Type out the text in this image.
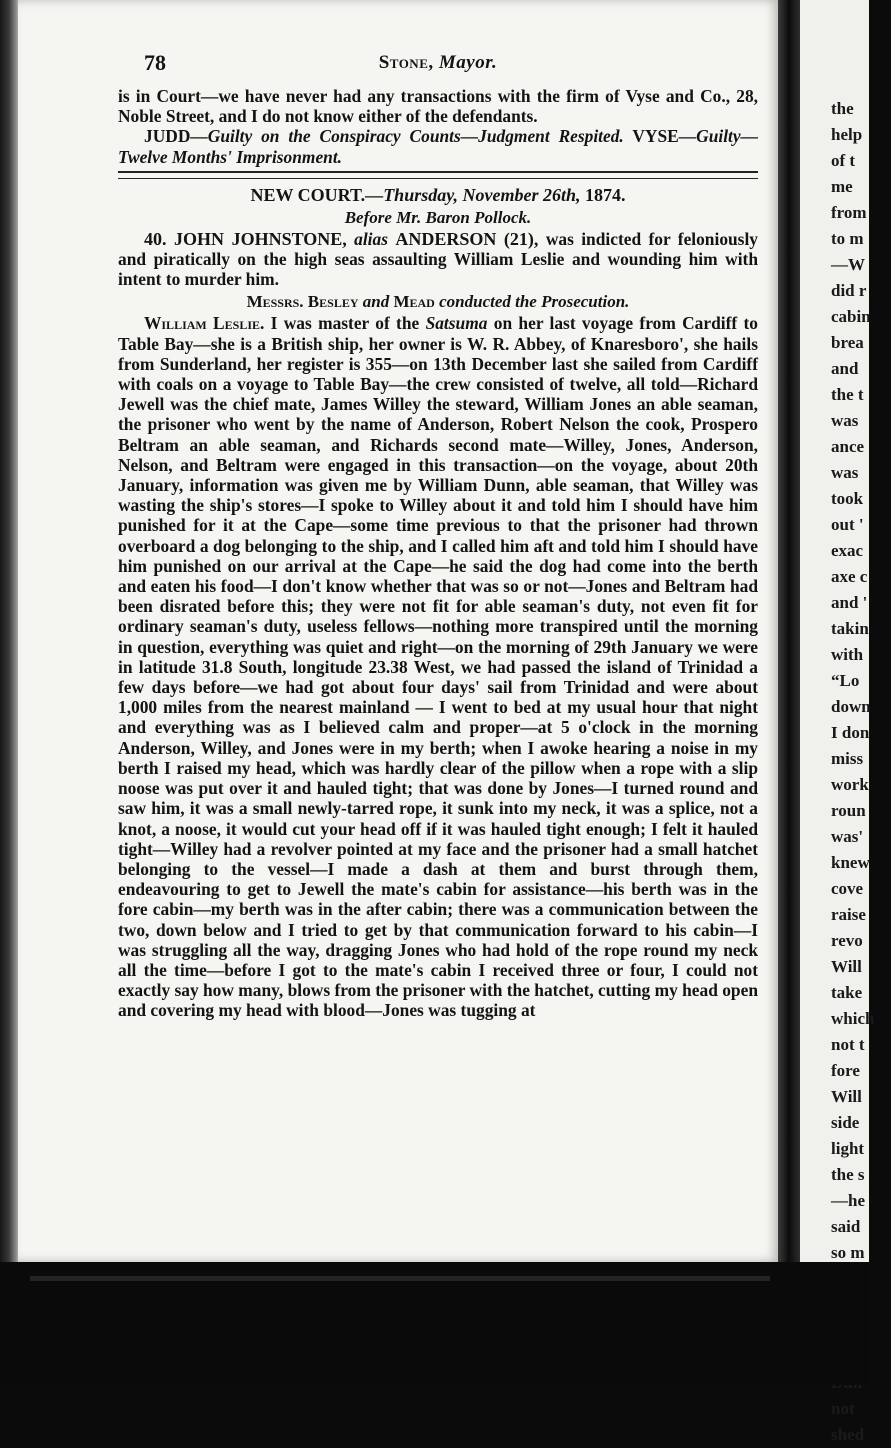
the
help
of t
me
from
to m
—W
did r
cabin
brea
and
the t
was
ance
was
took
out '
exac
axe c
and '
takin
with
“Lo
down
I don
miss
work
roun
was'
knew
cove
raise
revo
Will
take
which
not t
fore
Will
side
light
the s
—he
said
so m
not
shed
78	Stone, Mayor.

is in Court—we have never had any transactions with the firm of Vyse and Co., 28, Noble Street, and I do not know either of the defendants.

JUDD—Guilty on the Conspiracy Counts—Judgment Respited. VYSE—Guilty—Twelve Months' Imprisonment.

NEW COURT.—Thursday, November 26th, 1874.
Before Mr. Baron Pollock.

40. JOHN JOHNSTONE, alias ANDERSON (21), was indicted for feloniously and piratically on the high seas assaulting William Leslie and wounding him with intent to murder him.

Messrs. Besley and Mead conducted the Prosecution.

William Leslie. I was master of the Satsuma on her last voyage from Cardiff to Table Bay—she is a British ship, her owner is W. R. Abbey, of Knaresboro', she hails from Sunderland, her register is 355—on 13th December last she sailed from Cardiff with coals on a voyage to Table Bay—the crew consisted of twelve, all told—Richard Jewell was the chief mate, James Willey the steward, William Jones an able seaman, the prisoner who went by the name of Anderson, Robert Nelson the cook, Prospero Beltram an able seaman, and Richards second mate—Willey, Jones, Anderson, Nelson, and Beltram were engaged in this transaction—on the voyage, about 20th January, information was given me by William Dunn, able seaman, that Willey was wasting the ship's stores—I spoke to Willey about it and told him I should have him punished for it at the Cape—some time previous to that the prisoner had thrown overboard a dog belonging to the ship, and I called him aft and told him I should have him punished on our arrival at the Cape—he said the dog had come into the berth and eaten his food—I don't know whether that was so or not—Jones and Beltram had been disrated before this; they were not fit for able seaman's duty, not even fit for ordinary seaman's duty, useless fellows—nothing more transpired until the morning in question, everything was quiet and right—on the morning of 29th January we were in latitude 31.8 South, longitude 23.38 West, we had passed the island of Trinidad a few days before—we had got about four days' sail from Trinidad and were about 1,000 miles from the nearest mainland — I went to bed at my usual hour that night and everything was as I believed calm and proper—at 5 o'clock in the morning Anderson, Willey, and Jones were in my berth; when I awoke hearing a noise in my berth I raised my head, which was hardly clear of the pillow when a rope with a slip noose was put over it and hauled tight; that was done by Jones—I turned round and saw him, it was a small newly-tarred rope, it sunk into my neck, it was a splice, not a knot, a noose, it would cut your head off if it was hauled tight enough; I felt it hauled tight—Willey had a revolver pointed at my face and the prisoner had a small hatchet belonging to the vessel—I made a dash at them and burst through them, endeavouring to get to Jewell the mate's cabin for assistance—his berth was in the fore cabin—my berth was in the after cabin; there was a communication between the two, down below and I tried to get by that communication forward to his cabin—I was struggling all the way, dragging Jones who had hold of the rope round my neck all the time—before I got to the mate's cabin I received three or four, I could not exactly say how many, blows from the prisoner with the hatchet, cutting my head open and covering my head with blood—Jones was tugging at
